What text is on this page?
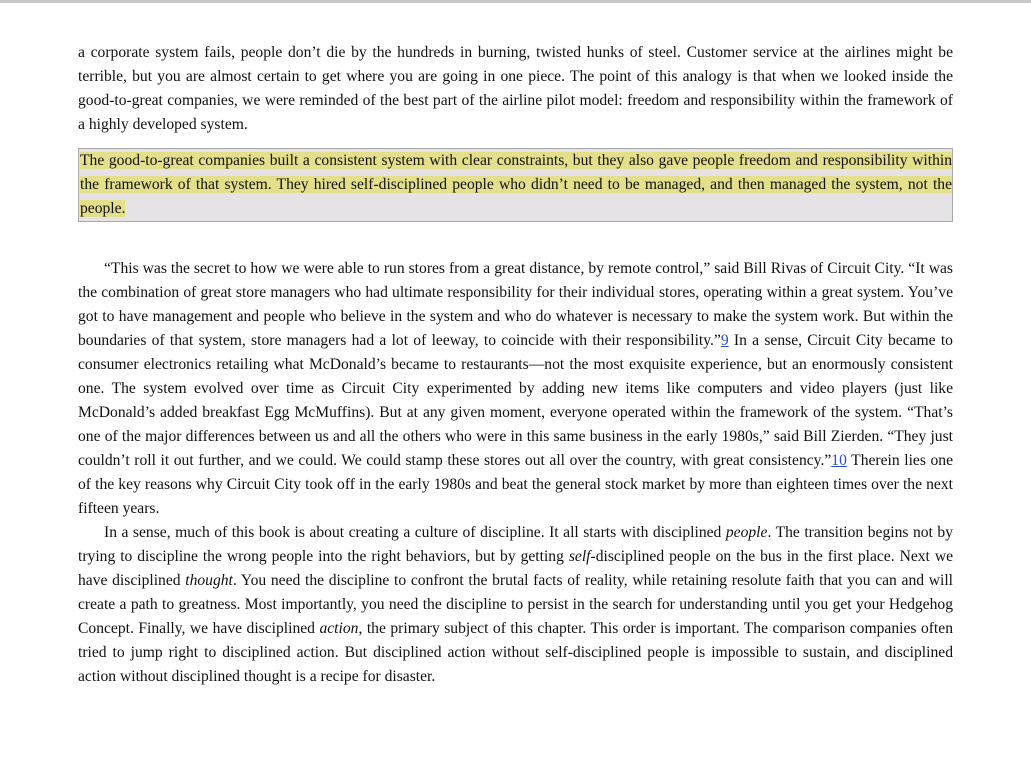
a corporate system fails, people don’t die by the hundreds in burning, twisted hunks of steel. Customer service at the airlines might be terrible, but you are almost certain to get where you are going in one piece. The point of this analogy is that when we looked inside the good-to-great companies, we were reminded of the best part of the airline pilot model: freedom and responsibility within the framework of a highly developed system.

The good-to-great companies built a consistent system with clear constraints, but they also gave people freedom and responsibility within the framework of that system. They hired self-disciplined people who didn’t need to be managed, and then managed the system, not the people.

“This was the secret to how we were able to run stores from a great distance, by remote control,” said Bill Rivas of Circuit City. “It was the combination of great store managers who had ultimate responsibility for their individual stores, operating within a great system. You’ve got to have management and people who believe in the system and who do whatever is necessary to make the system work. But within the boundaries of that system, store managers had a lot of leeway, to coincide with their responsibility.”9 In a sense, Circuit City became to consumer electronics retailing what McDonald’s became to restaurants—not the most exquisite experience, but an enormously consistent one. The system evolved over time as Circuit City experimented by adding new items like computers and video players (just like McDonald’s added breakfast Egg McMuffins). But at any given moment, everyone operated within the framework of the system. “That’s one of the major differences between us and all the others who were in this same business in the early 1980s,” said Bill Zierden. “They just couldn’t roll it out further, and we could. We could stamp these stores out all over the country, with great consistency.”10 Therein lies one of the key reasons why Circuit City took off in the early 1980s and beat the general stock market by more than eighteen times over the next fifteen years.

In a sense, much of this book is about creating a culture of discipline. It all starts with disciplined people. The transition begins not by trying to discipline the wrong people into the right behaviors, but by getting self-disciplined people on the bus in the first place. Next we have disciplined thought. You need the discipline to confront the brutal facts of reality, while retaining resolute faith that you can and will create a path to greatness. Most importantly, you need the discipline to persist in the search for understanding until you get your Hedgehog Concept. Finally, we have disciplined action, the primary subject of this chapter. This order is important. The comparison companies often tried to jump right to disciplined action. But disciplined action without self-disciplined people is impossible to sustain, and disciplined action without disciplined thought is a recipe for disaster.
